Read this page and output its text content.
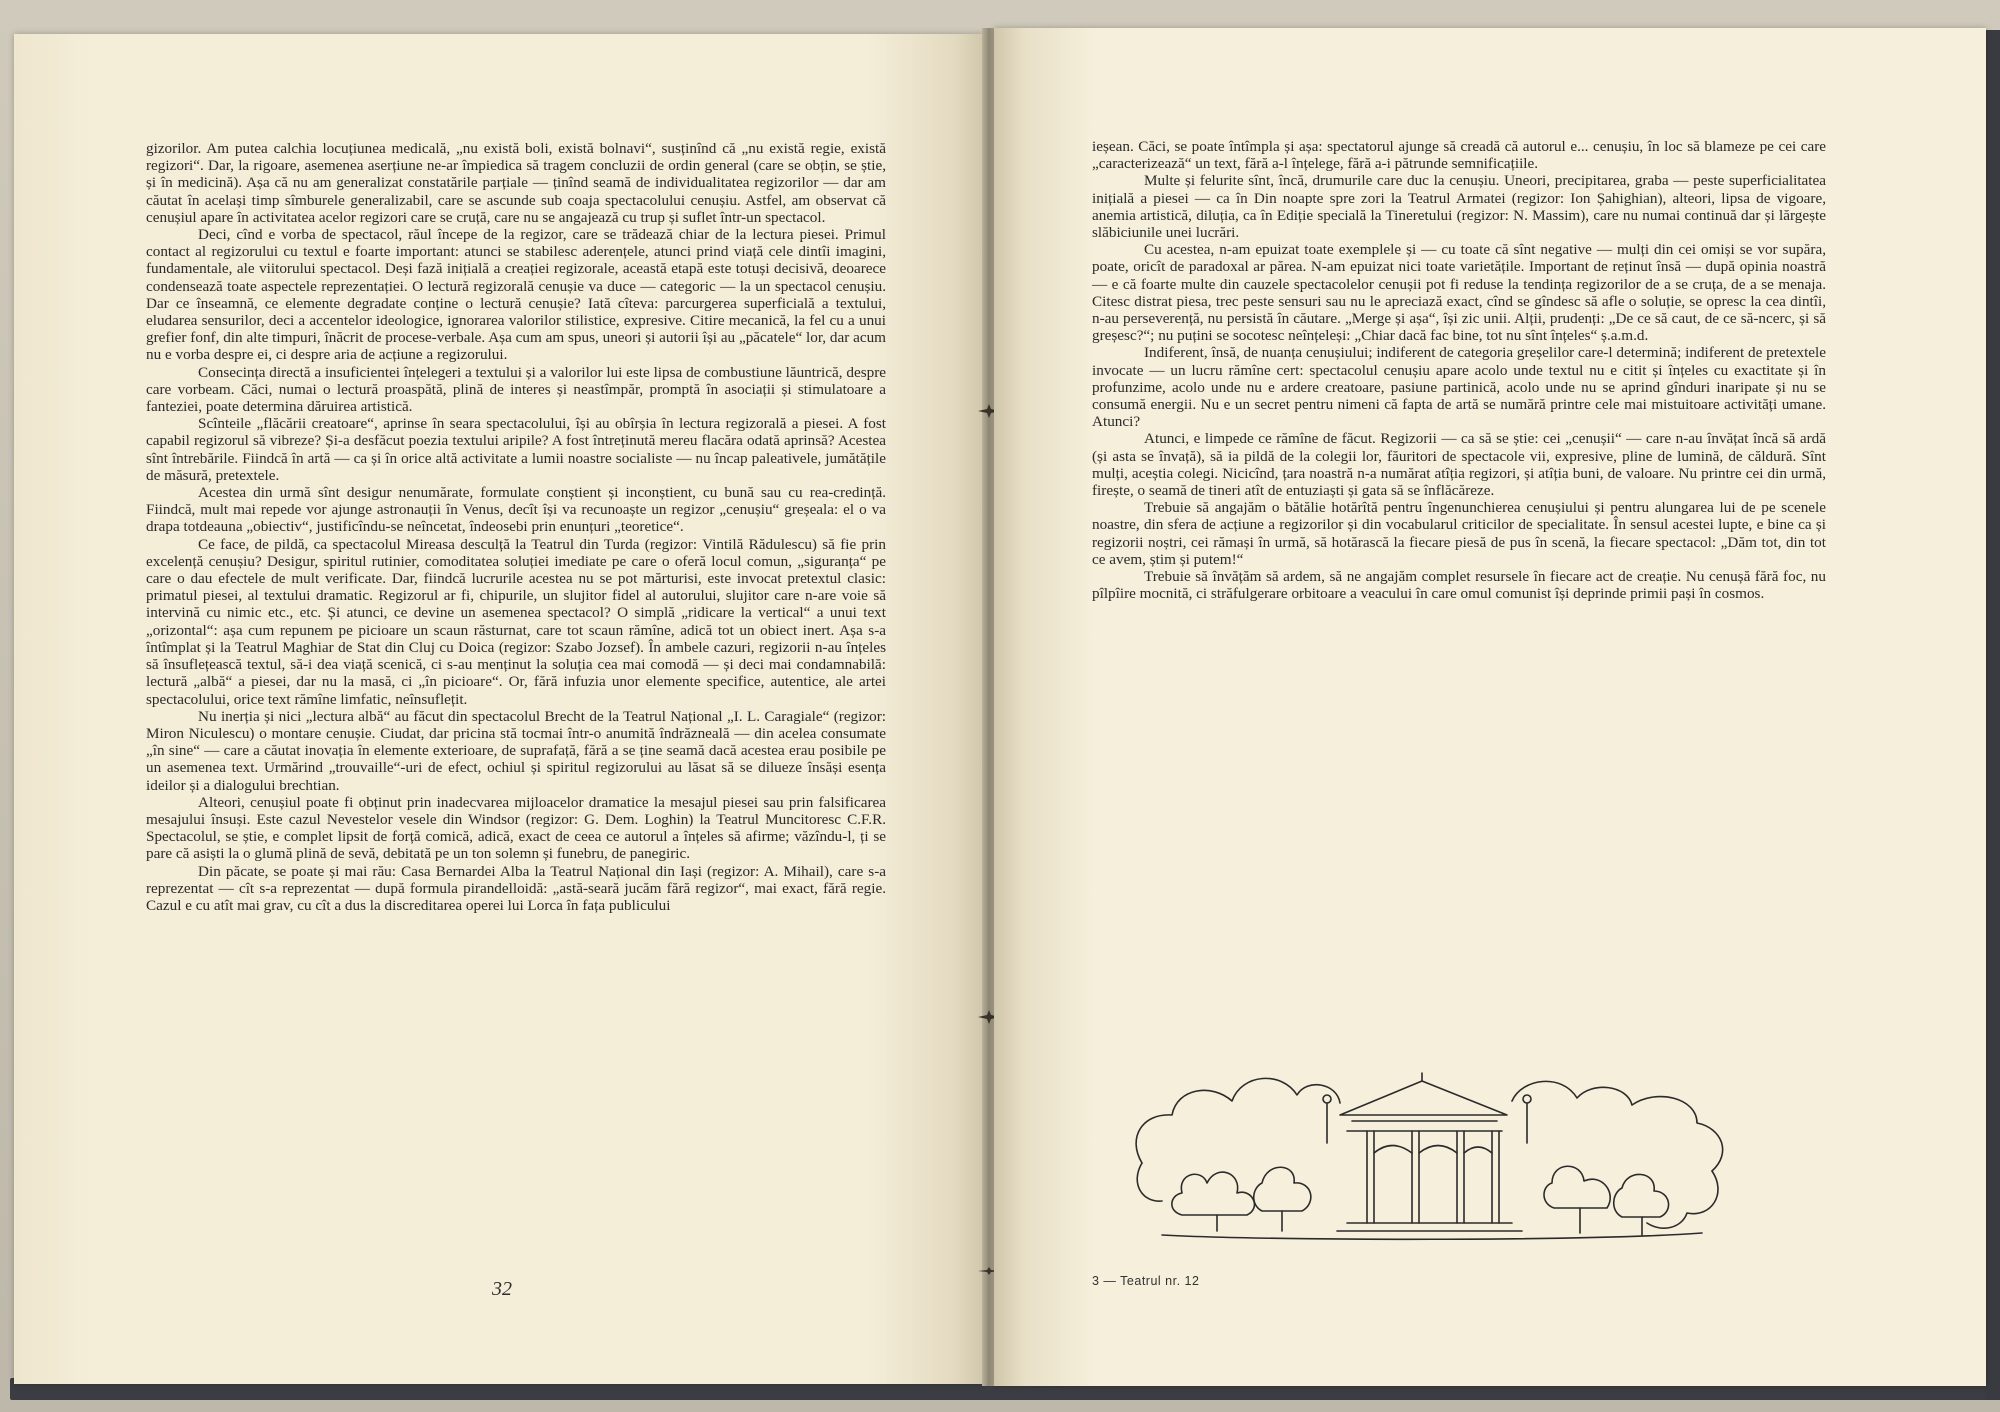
gizorilor. Am putea calchia locuțiunea medicală, „nu există boli, există bolnavi“, susținînd că „nu există regie, există regizori“. Dar, la rigoare, asemenea aserțiune ne-ar împiedica să tragem concluzii de ordin general (care se obțin, se știe, și în medicină). Așa că nu am generalizat constatările parțiale — ținînd seamă de individualitatea regizorilor — dar am căutat în același timp sîmburele generalizabil, care se ascunde sub coaja spectacolului cenușiu. Astfel, am observat că cenușiul apare în activitatea acelor regizori care se cruță, care nu se angajează cu trup și suflet într-un spectacol.

Deci, cînd e vorba de spectacol, răul începe de la regizor, care se trădează chiar de la lectura piesei. Primul contact al regizorului cu textul e foarte important: atunci se stabilesc aderențele, atunci prind viață cele dintîi imagini, fundamentale, ale viitorului spectacol. Deși fază inițială a creației regizorale, această etapă este totuși decisivă, deoarece condensează toate aspectele reprezentației. O lectură regizorală cenușie va duce — categoric — la un spectacol cenușiu. Dar ce înseamnă, ce elemente degradate conține o lectură cenușie? Iată cîteva: parcurgerea superficială a textului, eludarea sensurilor, deci a accentelor ideologice, ignorarea valorilor stilistice, expresive. Citire mecanică, la fel cu a unui grefier fonf, din alte timpuri, înăcrit de procese-verbale. Așa cum am spus, uneori și autorii își au „păcatele“ lor, dar acum nu e vorba despre ei, ci despre aria de acțiune a regizorului.

Consecința directă a insuficientei înțelegeri a textului și a valorilor lui este lipsa de combustiune lăuntrică, despre care vorbeam. Căci, numai o lectură proaspătă, plină de interes și neastîmpăr, promptă în asociații și stimulatoare a fanteziei, poate determina dăruirea artistică.

Scînteile „flăcării creatoare“, aprinse în seara spectacolului, își au obîrșia în lectura regizorală a piesei. A fost capabil regizorul să vibreze? Și-a desfăcut poezia textului aripile? A fost întreținută mereu flacăra odată aprinsă? Acestea sînt întrebările. Fiindcă în artă — ca și în orice altă activitate a lumii noastre socialiste — nu încap paleativele, jumătățile de măsură, pretextele.

Acestea din urmă sînt desigur nenumărate, formulate conștient și inconștient, cu bună sau cu rea-credință. Fiindcă, mult mai repede vor ajunge astronauții în Venus, decît își va recunoaște un regizor „cenușiu“ greșeala: el o va drapa totdeauna „obiectiv“, justificîndu-se neîncetat, îndeosebi prin enunțuri „teoretice“.

Ce face, de pildă, ca spectacolul Mireasa desculță la Teatrul din Turda (regizor: Vintilă Rădulescu) să fie prin excelență cenușiu? Desigur, spiritul rutinier, comoditatea soluției imediate pe care o oferă locul comun, „siguranța“ pe care o dau efectele de mult verificate. Dar, fiindcă lucrurile acestea nu se pot mărturisi, este invocat pretextul clasic: primatul piesei, al textului dramatic. Regizorul ar fi, chipurile, un slujitor fidel al autorului, slujitor care n-are voie să intervină cu nimic etc., etc. Și atunci, ce devine un asemenea spectacol? O simplă „ridicare la vertical“ a unui text „orizontal“: așa cum repunem pe picioare un scaun răsturnat, care tot scaun rămîne, adică tot un obiect inert. Așa s-a întîmplat și la Teatrul Maghiar de Stat din Cluj cu Doica (regizor: Szabo Jozsef). În ambele cazuri, regizorii n-au înțeles să însuflețească textul, să-i dea viață scenică, ci s-au menținut la soluția cea mai comodă — și deci mai condamnabilă: lectură „albă“ a piesei, dar nu la masă, ci „în picioare“. Or, fără infuzia unor elemente specifice, autentice, ale artei spectacolului, orice text rămîne limfatic, neînsuflețit.

Nu inerția și nici „lectura albă“ au făcut din spectacolul Brecht de la Teatrul Național „I. L. Caragiale“ (regizor: Miron Niculescu) o montare cenușie. Ciudat, dar pricina stă tocmai într-o anumită îndrăzneală — din acelea consumate „în sine“ — care a căutat inovația în elemente exterioare, de suprafață, fără a se ține seamă dacă acestea erau posibile pe un asemenea text. Urmărind „trouvaille“-uri de efect, ochiul și spiritul regizorului au lăsat să se dilueze însăși esența ideilor și a dialogului brechtian.

Alteori, cenușiul poate fi obținut prin inadecvarea mijloacelor dramatice la mesajul piesei sau prin falsificarea mesajului însuși. Este cazul Nevestelor vesele din Windsor (regizor: G. Dem. Loghin) la Teatrul Muncitoresc C.F.R. Spectacolul, se știe, e complet lipsit de forță comică, adică, exact de ceea ce autorul a înțeles să afirme; văzîndu-l, ți se pare că asiști la o glumă plină de sevă, debitată pe un ton solemn și funebru, de panegiric.

Din păcate, se poate și mai rău: Casa Bernardei Alba la Teatrul Național din Iași (regizor: A. Mihail), care s-a reprezentat — cît s-a reprezentat — după formula pirandelloidă: „astă-seară jucăm fără regizor“, mai exact, fără regie. Cazul e cu atît mai grav, cu cît a dus la discreditarea operei lui Lorca în fața publicului

32

ieșean. Căci, se poate întîmpla și așa: spectatorul ajunge să creadă că autorul e... cenușiu, în loc să blameze pe cei care „caracterizează“ un text, fără a-l înțelege, fără a-i pătrunde semnificațiile.

Multe și felurite sînt, încă, drumurile care duc la cenușiu. Uneori, precipitarea, graba — peste superficialitatea inițială a piesei — ca în Din noapte spre zori la Teatrul Armatei (regizor: Ion Șahighian), alteori, lipsa de vigoare, anemia artistică, diluția, ca în Ediție specială la Tineretului (regizor: N. Massim), care nu numai continuă dar și lărgește slăbiciunile unei lucrări.

Cu acestea, n-am epuizat toate exemplele și — cu toate că sînt negative — mulți din cei omiși se vor supăra, poate, oricît de paradoxal ar părea. N-am epuizat nici toate varietățile. Important de reținut însă — după opinia noastră — e că foarte multe din cauzele spectacolelor cenușii pot fi reduse la tendința regizorilor de a se cruța, de a se menaja. Citesc distrat piesa, trec peste sensuri sau nu le apreciază exact, cînd se gîndesc să afle o soluție, se opresc la cea dintîi, n-au perseverență, nu persistă în căutare. „Merge și așa“, își zic unii. Alții, prudenți: „De ce să caut, de ce să-ncerc, și să greșesc?“; nu puțini se socotesc neînțeleși: „Chiar dacă fac bine, tot nu sînt înțeles“ ș.a.m.d.

Indiferent, însă, de nuanța cenușiului; indiferent de categoria greșelilor care-l determină; indiferent de pretextele invocate — un lucru rămîne cert: spectacolul cenușiu apare acolo unde textul nu e citit și înțeles cu exactitate și în profunzime, acolo unde nu e ardere creatoare, pasiune partinică, acolo unde nu se aprind gînduri inaripate și nu se consumă energii. Nu e un secret pentru nimeni că fapta de artă se numără printre cele mai mistuitoare activități umane. Atunci?

Atunci, e limpede ce rămîne de făcut. Regizorii — ca să se știe: cei „cenușii“ — care n-au învățat încă să ardă (și asta se învață), să ia pildă de la colegii lor, făuritori de spectacole vii, expresive, pline de lumină, de căldură. Sînt mulți, aceștia colegi. Nicicînd, țara noastră n-a numărat atîția regizori, și atîția buni, de valoare. Nu printre cei din urmă, firește, o seamă de tineri atît de entuziaști și gata să se înflăcăreze.

Trebuie să angajăm o bătălie hotărîtă pentru îngenunchierea cenușiului și pentru alungarea lui de pe scenele noastre, din sfera de acțiune a regizorilor și din vocabularul criticilor de specialitate. În sensul acestei lupte, e bine ca și regizorii noștri, cei rămași în urmă, să hotărască la fiecare piesă de pus în scenă, la fiecare spectacol: „Dăm tot, din tot ce avem, știm și putem!“

Trebuie să învățăm să ardem, să ne angajăm complet resursele în fiecare act de creație. Nu cenușă fără foc, nu pîlpîire mocnită, ci străfulgerare orbitoare a veacului în care omul comunist își deprinde primii pași în cosmos.

3 — Teatrul nr. 12
